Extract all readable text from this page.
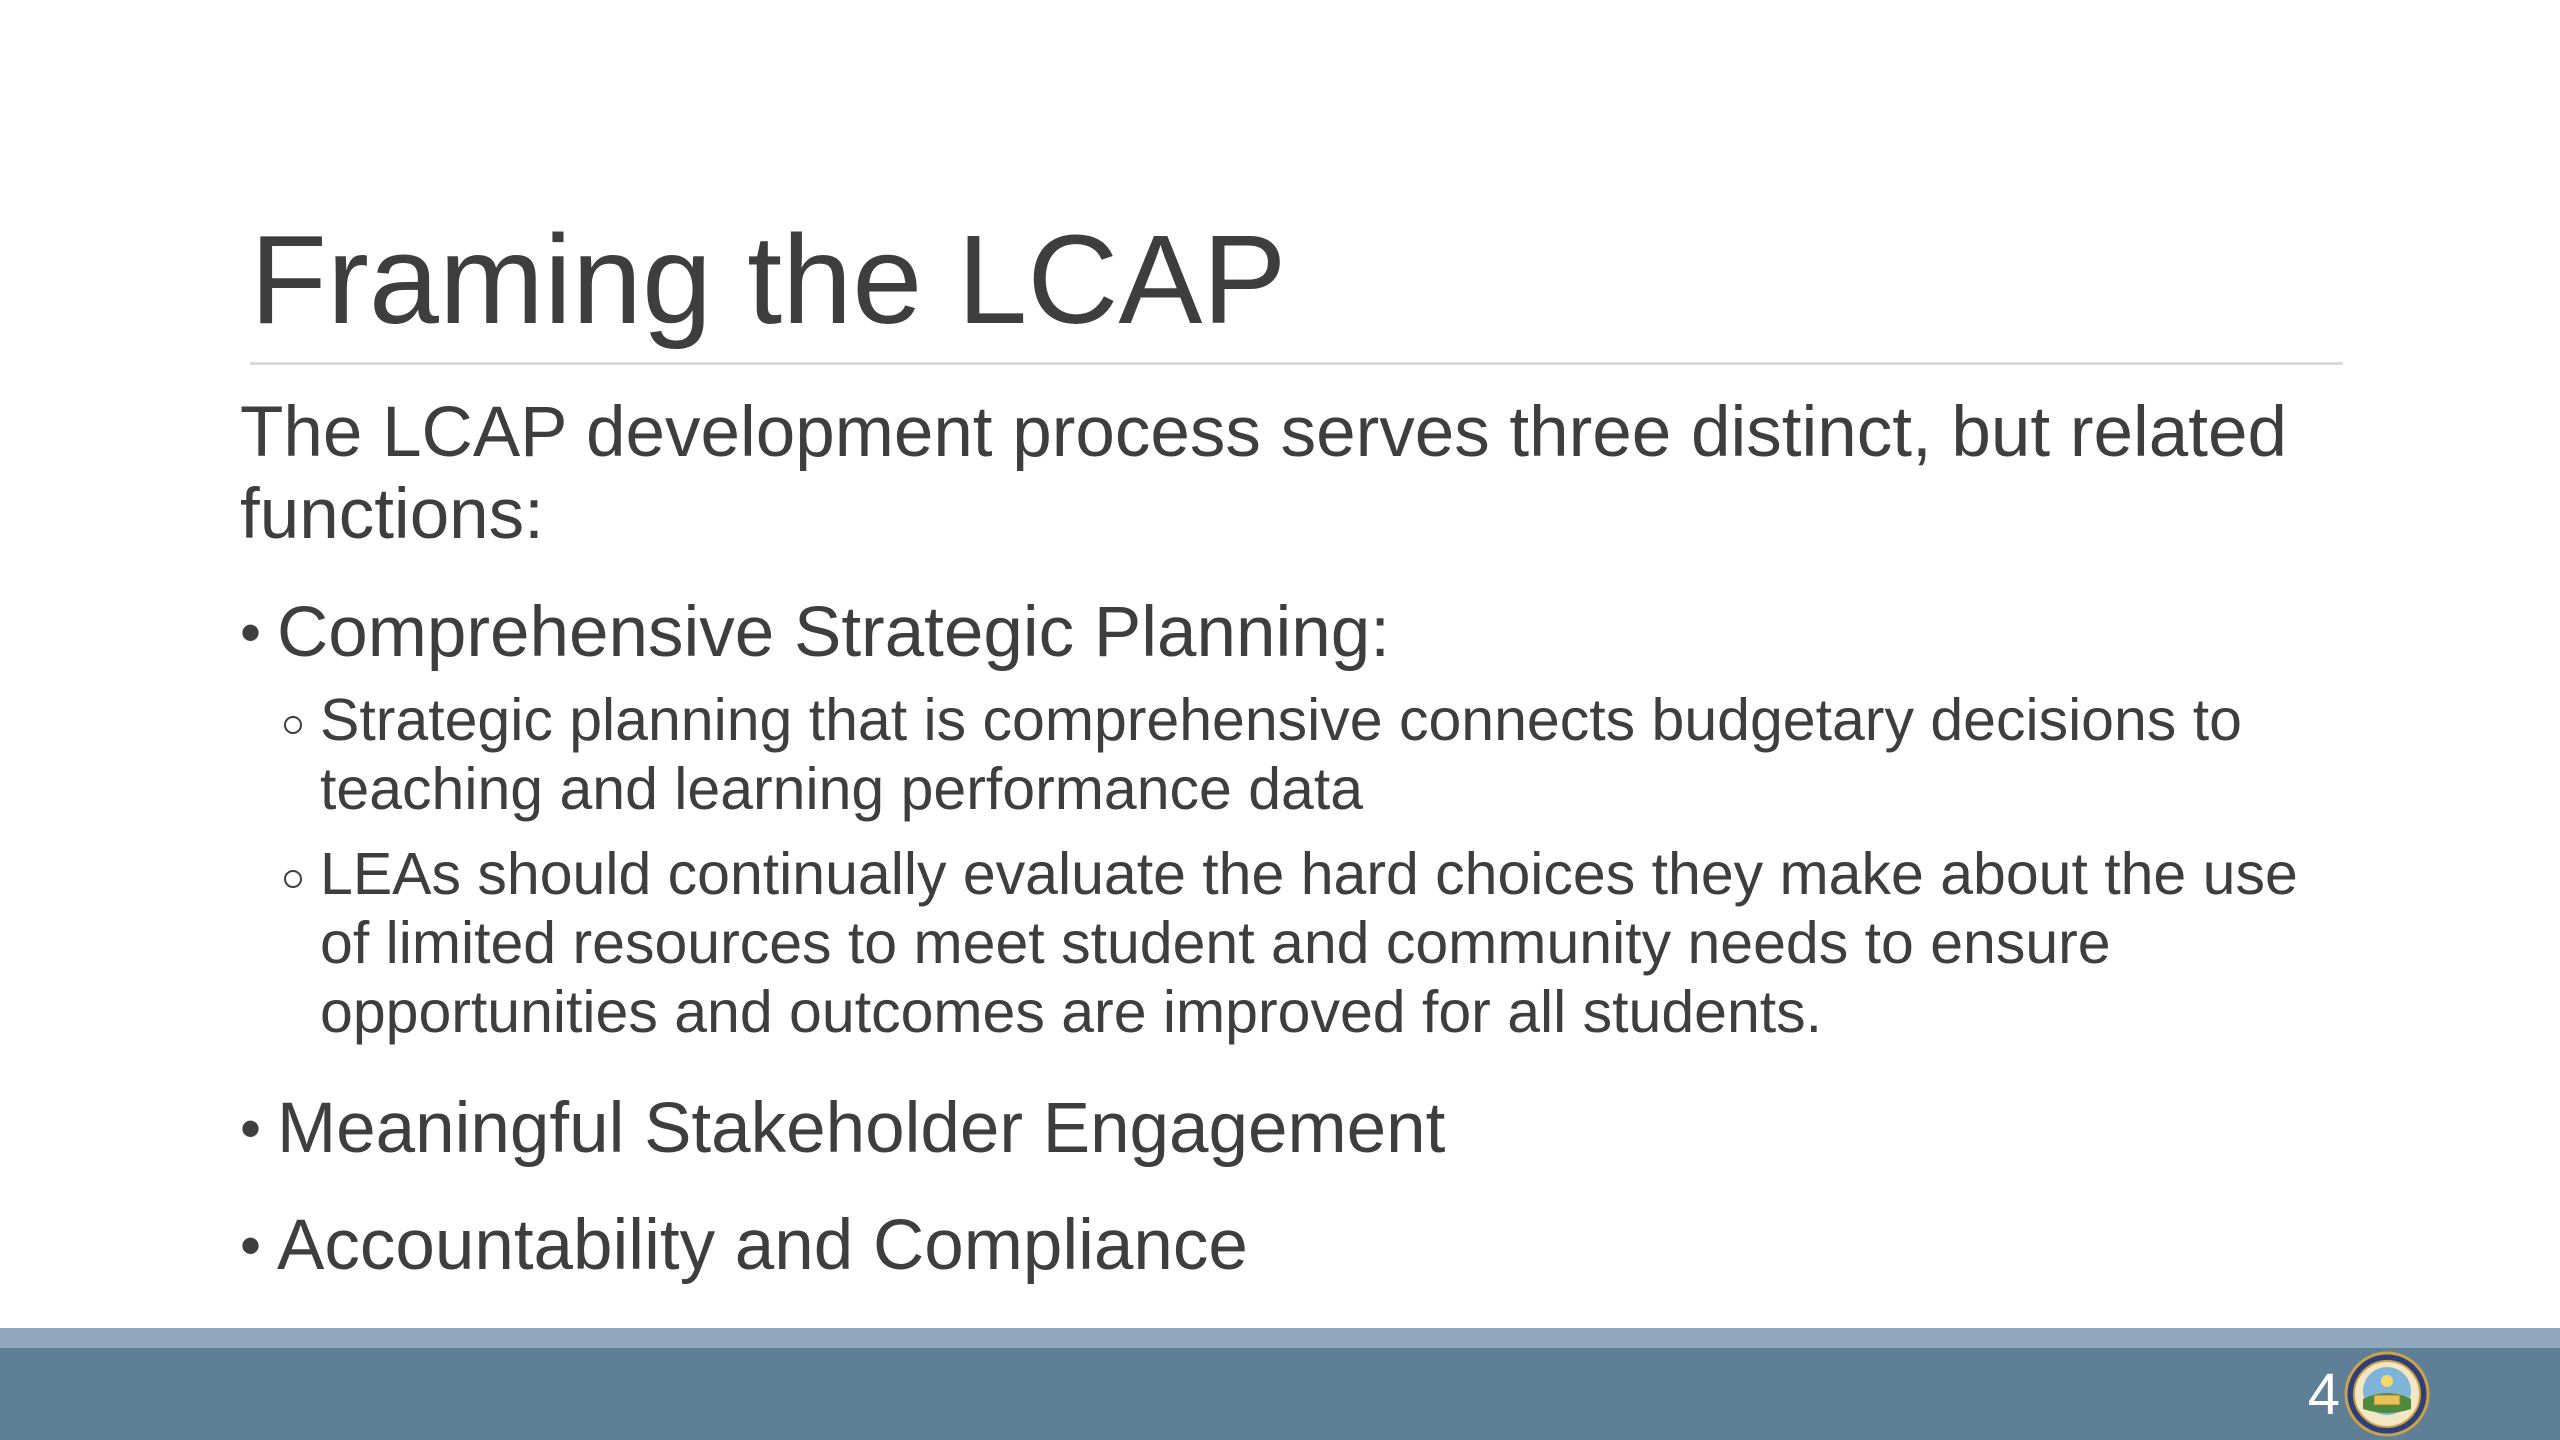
Framing the LCAP

The LCAP development process serves three distinct, but related functions:

• Comprehensive Strategic Planning:
Strategic planning that is comprehensive connects budgetary decisions to teaching and learning performance data
LEAs should continually evaluate the hard choices they make about the use of limited resources to meet student and community needs to ensure opportunities and outcomes are improved for all students.
• Meaningful Stakeholder Engagement
• Accountability and Compliance
4
